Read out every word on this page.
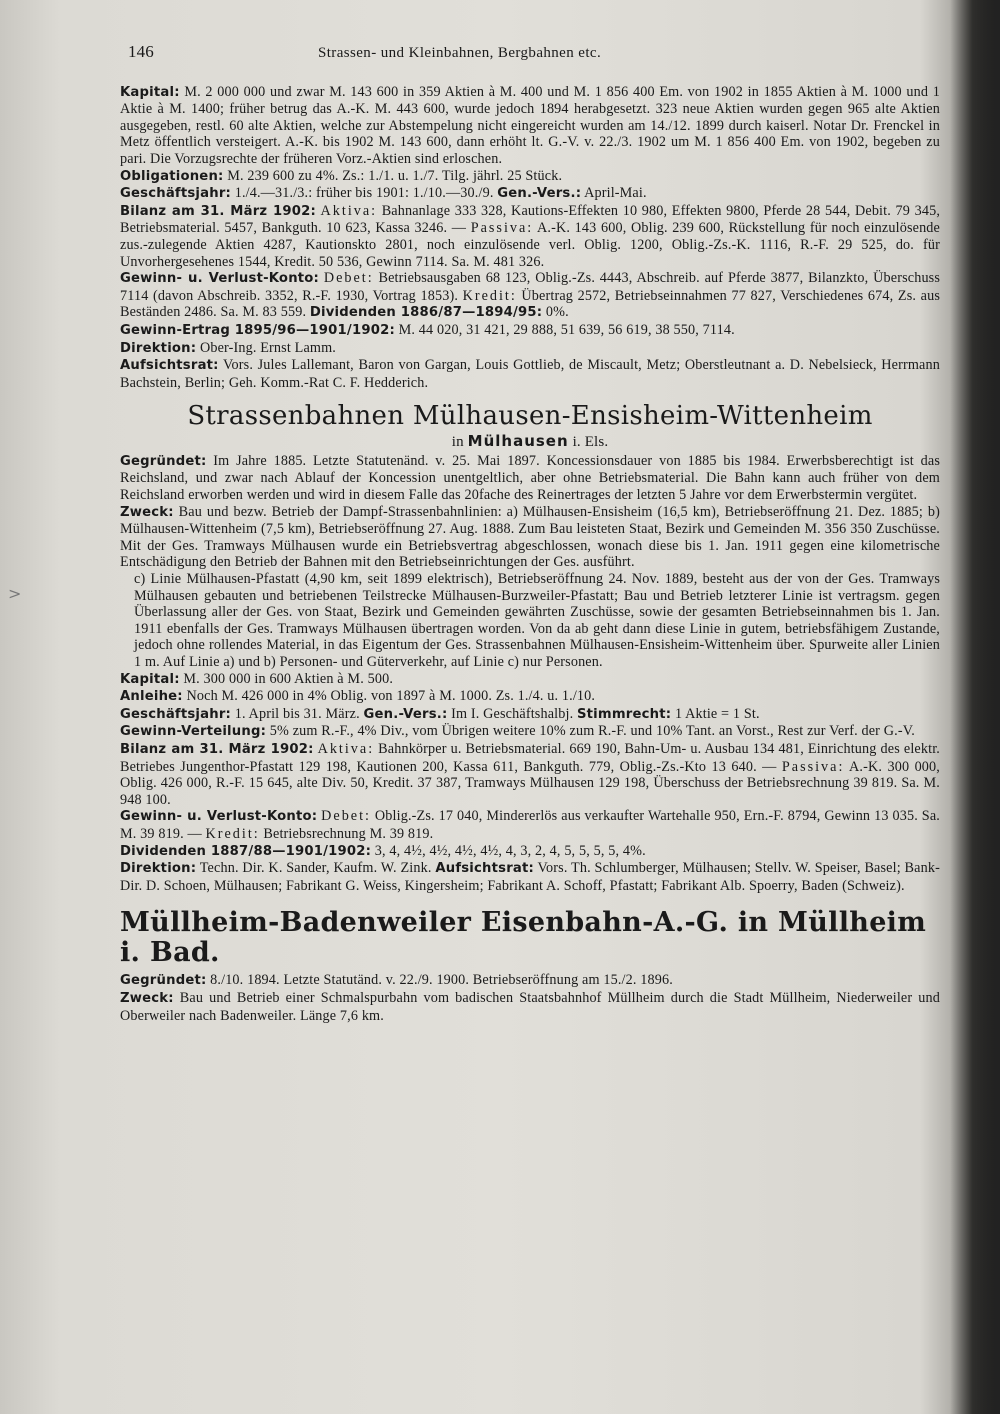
>
146	Strassen- und Kleinbahnen, Bergbahnen etc.

Kapital: M. 2 000 000 und zwar M. 143 600 in 359 Aktien à M. 400 und M. 1 856 400 Em. von 1902 in 1855 Aktien à M. 1000 und 1 Aktie à M. 1400; früher betrug das A.-K. M. 443 600, wurde jedoch 1894 herabgesetzt. 323 neue Aktien wurden gegen 965 alte Aktien ausgegeben, restl. 60 alte Aktien, welche zur Abstempelung nicht eingereicht wurden am 14./12. 1899 durch kaiserl. Notar Dr. Frenckel in Metz öffentlich versteigert. A.-K. bis 1902 M. 143 600, dann erhöht lt. G.-V. v. 22./3. 1902 um M. 1 856 400 Em. von 1902, begeben zu pari. Die Vorzugsrechte der früheren Vorz.-Aktien sind erloschen.

Obligationen: M. 239 600 zu 4%. Zs.: 1./1. u. 1./7. Tilg. jährl. 25 Stück.

Geschäftsjahr: 1./4.—31./3.: früher bis 1901: 1./10.—30./9. Gen.-Vers.: April-Mai.

Bilanz am 31. März 1902: Aktiva: Bahnanlage 333 328, Kautions-Effekten 10 980, Effekten 9800, Pferde 28 544, Debit. 79 345, Betriebsmaterial. 5457, Bankguth. 10 623, Kassa 3246. — Passiva: A.-K. 143 600, Oblig. 239 600, Rückstellung für noch einzulösende zus.-zulegende Aktien 4287, Kautionskto 2801, noch einzulösende verl. Oblig. 1200, Oblig.-Zs.-K. 1116, R.-F. 29 525, do. für Unvorhergesehenes 1544, Kredit. 50 536, Gewinn 7114. Sa. M. 481 326.

Gewinn- u. Verlust-Konto: Debet: Betriebsausgaben 68 123, Oblig.-Zs. 4443, Abschreib. auf Pferde 3877, Bilanzkto, Überschuss 7114 (davon Abschreib. 3352, R.-F. 1930, Vortrag 1853). Kredit: Übertrag 2572, Betriebseinnahmen 77 827, Verschiedenes 674, Zs. aus Beständen 2486. Sa. M. 83 559. Dividenden 1886/87—1894/95: 0%.

Gewinn-Ertrag 1895/96—1901/1902: M. 44 020, 31 421, 29 888, 51 639, 56 619, 38 550, 7114.

Direktion: Ober-Ing. Ernst Lamm.

Aufsichtsrat: Vors. Jules Lallemant, Baron von Gargan, Louis Gottlieb, de Miscault, Metz; Oberstleutnant a. D. Nebelsieck, Herrmann Bachstein, Berlin; Geh. Komm.-Rat C. F. Hedderich.

Strassenbahnen Mülhausen-Ensisheim-Wittenheim
in Mülhausen i. Els.

Gegründet: Im Jahre 1885. Letzte Statutenänd. v. 25. Mai 1897. Koncessionsdauer von 1885 bis 1984. Erwerbsberechtigt ist das Reichsland, und zwar nach Ablauf der Koncession unentgeltlich, aber ohne Betriebsmaterial. Die Bahn kann auch früher von dem Reichsland erworben werden und wird in diesem Falle das 20fache des Reinertrages der letzten 5 Jahre vor dem Erwerbstermin vergütet.

Zweck: Bau und bezw. Betrieb der Dampf-Strassenbahnlinien: a) Mülhausen-Ensisheim (16,5 km), Betriebseröffnung 21. Dez. 1885; b) Mülhausen-Wittenheim (7,5 km), Betriebseröffnung 27. Aug. 1888. Zum Bau leisteten Staat, Bezirk und Gemeinden M. 356 350 Zuschüsse. Mit der Ges. Tramways Mülhausen wurde ein Betriebsvertrag abgeschlossen, wonach diese bis 1. Jan. 1911 gegen eine kilometrische Entschädigung den Betrieb der Bahnen mit den Betriebseinrichtungen der Ges. ausführt.

c) Linie Mülhausen-Pfastatt (4,90 km, seit 1899 elektrisch), Betriebseröffnung 24. Nov. 1889, besteht aus der von der Ges. Tramways Mülhausen gebauten und betriebenen Teilstrecke Mülhausen-Burzweiler-Pfastatt; Bau und Betrieb letzterer Linie ist vertragsm. gegen Überlassung aller der Ges. von Staat, Bezirk und Gemeinden gewährten Zuschüsse, sowie der gesamten Betriebseinnahmen bis 1. Jan. 1911 ebenfalls der Ges. Tramways Mülhausen übertragen worden. Von da ab geht dann diese Linie in gutem, betriebsfähigem Zustande, jedoch ohne rollendes Material, in das Eigentum der Ges. Strassenbahnen Mülhausen-Ensisheim-Wittenheim über. Spurweite aller Linien 1 m. Auf Linie a) und b) Personen- und Güterverkehr, auf Linie c) nur Personen.

Kapital: M. 300 000 in 600 Aktien à M. 500.

Anleihe: Noch M. 426 000 in 4% Oblig. von 1897 à M. 1000. Zs. 1./4. u. 1./10.

Geschäftsjahr: 1. April bis 31. März. Gen.-Vers.: Im I. Geschäftshalbj. Stimmrecht: 1 Aktie = 1 St.

Gewinn-Verteilung: 5% zum R.-F., 4% Div., vom Übrigen weitere 10% zum R.-F. und 10% Tant. an Vorst., Rest zur Verf. der G.-V.

Bilanz am 31. März 1902: Aktiva: Bahnkörper u. Betriebsmaterial. 669 190, Bahn-Um- u. Ausbau 134 481, Einrichtung des elektr. Betriebes Jungenthor-Pfastatt 129 198, Kautionen 200, Kassa 611, Bankguth. 779, Oblig.-Zs.-Kto 13 640. — Passiva: A.-K. 300 000, Oblig. 426 000, R.-F. 15 645, alte Div. 50, Kredit. 37 387, Tramways Mülhausen 129 198, Überschuss der Betriebsrechnung 39 819. Sa. M. 948 100.

Gewinn- u. Verlust-Konto: Debet: Oblig.-Zs. 17 040, Mindererlös aus verkaufter Wartehalle 950, Ern.-F. 8794, Gewinn 13 035. Sa. M. 39 819. — Kredit: Betriebsrechnung M. 39 819.

Dividenden 1887/88—1901/1902: 3, 4, 4½, 4½, 4½, 4½, 4, 3, 2, 4, 5, 5, 5, 5, 4%.

Direktion: Techn. Dir. K. Sander, Kaufm. W. Zink. Aufsichtsrat: Vors. Th. Schlumberger, Mülhausen; Stellv. W. Speiser, Basel; Bank-Dir. D. Schoen, Mülhausen; Fabrikant G. Weiss, Kingersheim; Fabrikant A. Schoff, Pfastatt; Fabrikant Alb. Spoerry, Baden (Schweiz).

Müllheim-Badenweiler Eisenbahn-A.-G. in Müllheim i. Bad.

Gegründet: 8./10. 1894. Letzte Statutänd. v. 22./9. 1900. Betriebseröffnung am 15./2. 1896.

Zweck: Bau und Betrieb einer Schmalspurbahn vom badischen Staatsbahnhof Müllheim durch die Stadt Müllheim, Niederweiler und Oberweiler nach Badenweiler. Länge 7,6 km.
